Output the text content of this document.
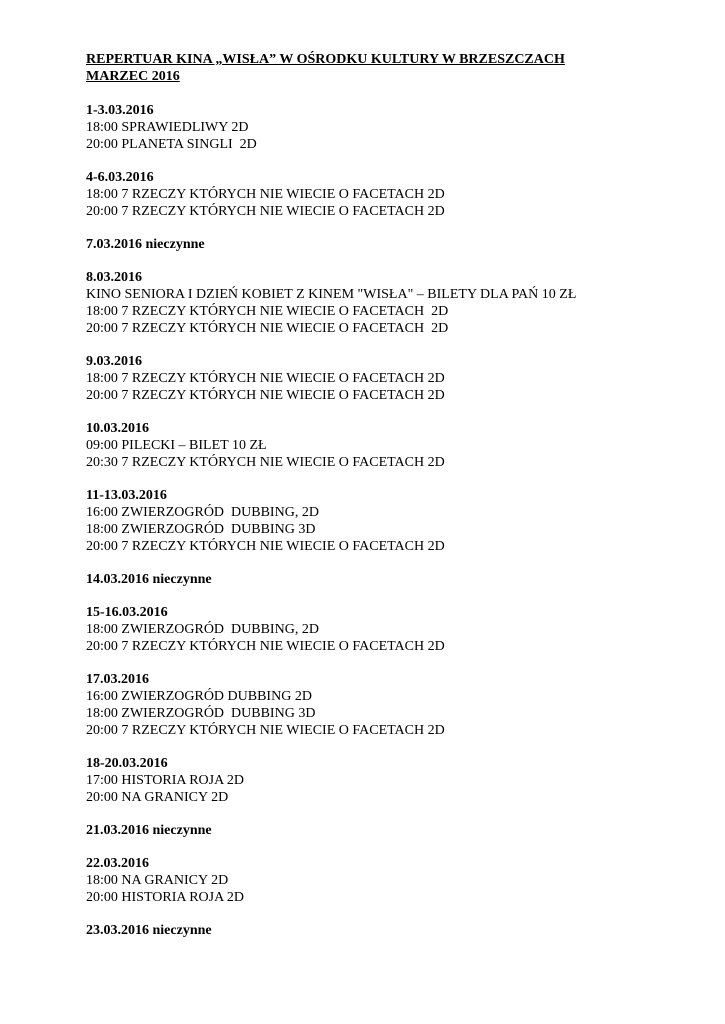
REPERTUAR KINA „WISŁA” W OŚRODKU KULTURY W BRZESZCZACH
MARZEC 2016
1-3.03.2016
18:00 SPRAWIEDLIWY 2D
20:00 PLANETA SINGLI  2D
4-6.03.2016
18:00 7 RZECZY KTÓRYCH NIE WIECIE O FACETACH 2D
20:00 7 RZECZY KTÓRYCH NIE WIECIE O FACETACH 2D
7.03.2016 nieczynne
8.03.2016
KINO SENIORA I DZIEŃ KOBIET Z KINEM "WISŁA" – BILETY DLA PAŃ 10 ZŁ
18:00 7 RZECZY KTÓRYCH NIE WIECIE O FACETACH  2D
20:00 7 RZECZY KTÓRYCH NIE WIECIE O FACETACH  2D
9.03.2016
18:00 7 RZECZY KTÓRYCH NIE WIECIE O FACETACH 2D
20:00 7 RZECZY KTÓRYCH NIE WIECIE O FACETACH 2D
10.03.2016
09:00 PILECKI – BILET 10 ZŁ
20:30 7 RZECZY KTÓRYCH NIE WIECIE O FACETACH 2D
11-13.03.2016
16:00 ZWIERZOGRÓD  DUBBING, 2D
18:00 ZWIERZOGRÓD  DUBBING 3D
20:00 7 RZECZY KTÓRYCH NIE WIECIE O FACETACH 2D
14.03.2016 nieczynne
15-16.03.2016
18:00 ZWIERZOGRÓD  DUBBING, 2D
20:00 7 RZECZY KTÓRYCH NIE WIECIE O FACETACH 2D
17.03.2016
16:00 ZWIERZOGRÓD DUBBING 2D
18:00 ZWIERZOGRÓD  DUBBING 3D
20:00 7 RZECZY KTÓRYCH NIE WIECIE O FACETACH 2D
18-20.03.2016
17:00 HISTORIA ROJA 2D
20:00 NA GRANICY 2D
21.03.2016 nieczynne
22.03.2016
18:00 NA GRANICY 2D
20:00 HISTORIA ROJA 2D
23.03.2016 nieczynne
